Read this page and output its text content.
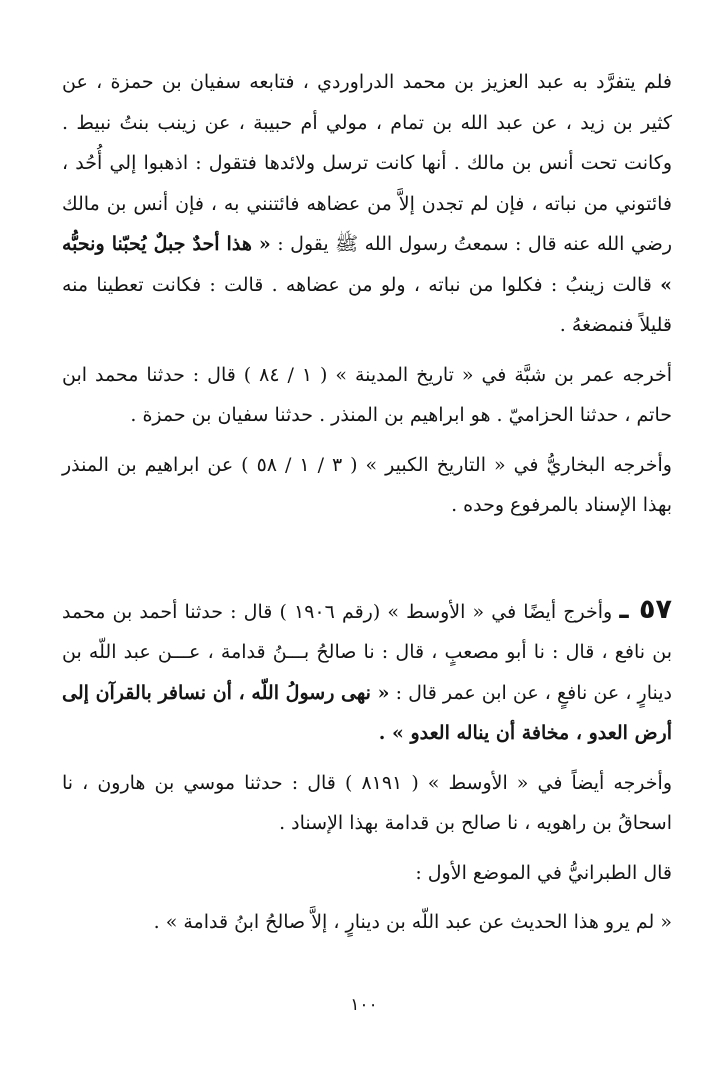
فلم يتفرَّد به عبد العزيز بن محمد الدراوردي ، فتابعه سفيان بن حمزة ، عن كثير بن زيد ، عن عبد الله بن تمام ، مولي أم حبيبة ، عن زينب بنتُ نبيط . وكانت تحت أنس بن مالك . أنها كانت ترسل ولائدها فتقول : اذهبوا إلي أُحُد ، فائتوني من نباته ، فإن لم تجدن إلاَّ من عضاهه فائتنني به ، فإن أنس بن مالك رضي الله عنه قال : سمعتُ رسول الله ﷺ يقول : « هذا أحدٌ جبلٌ يُحبّنا ونحبُّه » قالت زينبُ : فكلوا من نباته ، ولو من عضاهه . قالت : فكانت تعطينا منه قليلاً فنمضغهُ .

أخرجه عمر بن شبَّة في « تاريخ المدينة » ( ١ / ٨٤ ) قال : حدثنا محمد ابن حاتم ، حدثنا الحزاميّ . هو ابراهيم بن المنذر . حدثنا سفيان بن حمزة .

وأخرجه البخاريُّ في « التاريخ الكبير » ( ٣ / ١ / ٥٨ ) عن ابراهيم بن المنذر بهذا الإسناد بالمرفوع وحده .

٥٧ ـ وأخرج أيضًا في « الأوسط » (رقم ١٩٠٦ ) قال : حدثنا أحمد بن محمد بن نافع ، قال : نا أبو مصعبٍ ، قال : نا صالحُ بـــنُ قدامة ، عـــن عبد اللّه بن دينارٍ ، عن نافعٍ ، عن ابن عمر قال : « نهى رسولُ اللّه ، أن نسافر بالقرآن إلى أرض العدو ، مخافة أن يناله العدو » .

وأخرجه أيضاً في « الأوسط » ( ٨١٩١ ) قال : حدثنا موسي بن هارون ، نا اسحاقُ بن راهويه ، نا صالح بن قدامة بهذا الإسناد .

قال الطبرانيُّ في الموضع الأول :

« لم يرو هذا الحديث عن عبد اللّه بن دينارٍ ، إلاَّ صالحُ ابنُ قدامة » .

١٠٠
